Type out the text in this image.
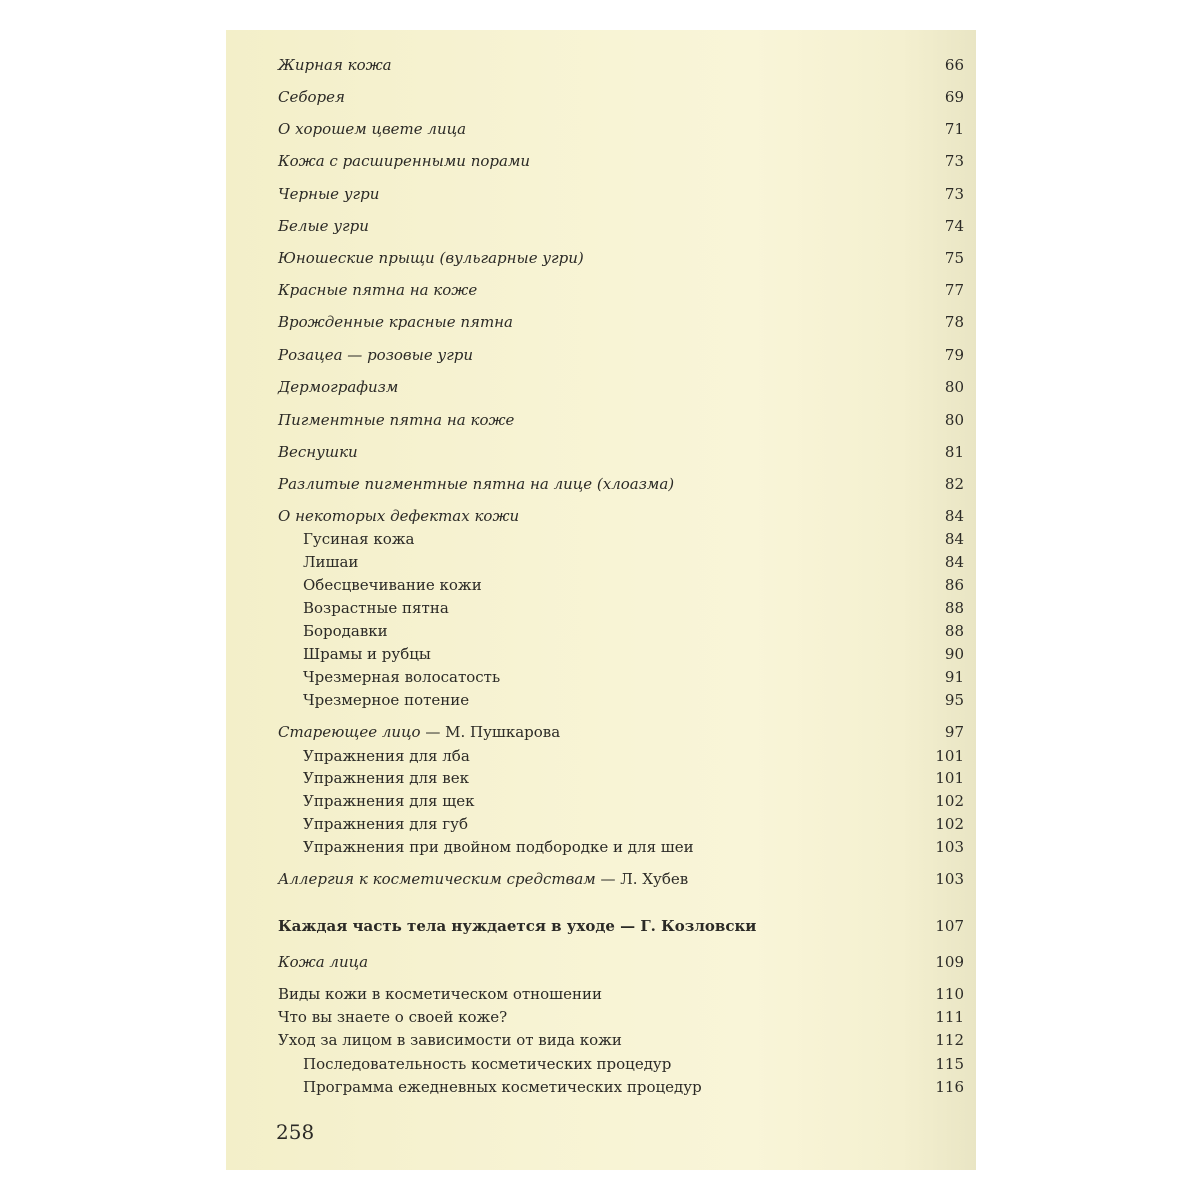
Жирная кожа	66
Себорея	69
О хорошем цвете лица	71
Кожа с расширенными порами	73
Черные угри	73
Белые угри	74
Юношеские прыщи (вульгарные угри)	75
Красные пятна на коже	77
Врожденные красные пятна	78
Розацеа — розовые угри	79
Дермографизм	80
Пигментные пятна на коже	80
Веснушки	81
Разлитые пигментные пятна на лице (хлоазма)	82
О некоторых дефектах кожи	84
Гусиная кожа	84
Лишаи	84
Обесцвечивание кожи	86
Возрастные пятна	88
Бородавки	88
Шрамы и рубцы	90
Чрезмерная волосатость	91
Чрезмерное потение	95
Стареющее лицо — М. Пушкарова	97
Упражнения для лба	101
Упражнения для век	101
Упражнения для щек	102
Упражнения для губ	102
Упражнения при двойном подбородке и для шеи	103
Аллергия к косметическим средствам — Л. Хубев	103
Каждая часть тела нуждается в уходе — Г. Козловски	107
Кожа лица	109
Виды кожи в косметическом отношении	110
Что вы знаете о своей коже?	111
Уход за лицом в зависимости от вида кожи	112
Последовательность косметических процедур	115
Программа ежедневных косметических процедур	116
258
